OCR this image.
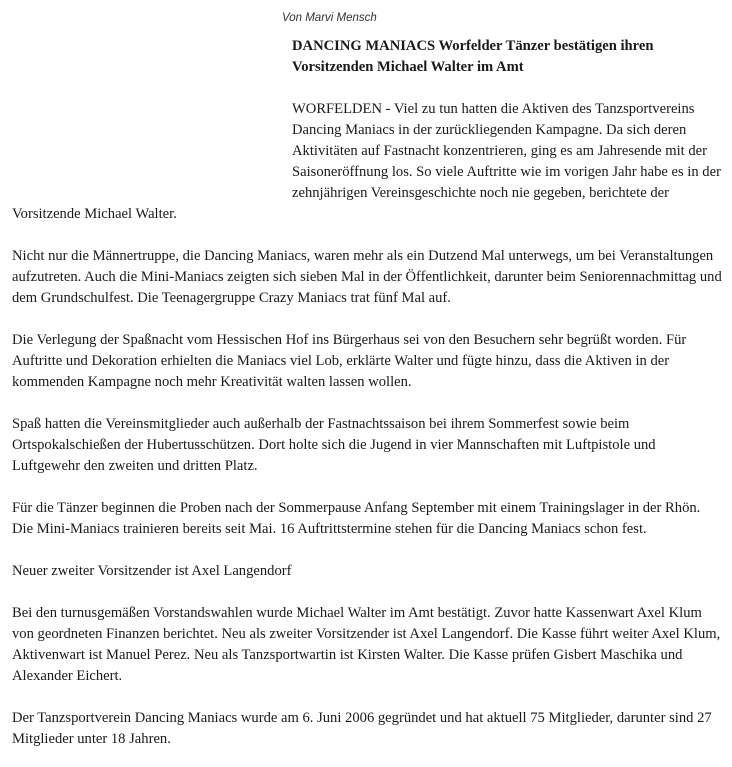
Von Marvi Mensch
DANCING MANIACS Worfelder Tänzer bestätigen ihren Vorsitzenden Michael Walter im Amt

WORFELDEN - Viel zu tun hatten die Aktiven des Tanzsportvereins Dancing Maniacs in der zurückliegenden Kampagne. Da sich deren Aktivitäten auf Fastnacht konzentrieren, ging es am Jahresende mit der Saisoneröffnung los. So viele Auftritte wie im vorigen Jahr habe es in der zehnjährigen Vereinsgeschichte noch nie gegeben, berichtete der Vorsitzende Michael Walter.

Nicht nur die Männertruppe, die Dancing Maniacs, waren mehr als ein Dutzend Mal unterwegs, um bei Veranstaltungen aufzutreten. Auch die Mini-Maniacs zeigten sich sieben Mal in der Öffentlichkeit, darunter beim Seniorennachmittag und dem Grundschulfest. Die Teenagergruppe Crazy Maniacs trat fünf Mal auf.

Die Verlegung der Spaßnacht vom Hessischen Hof ins Bürgerhaus sei von den Besuchern sehr begrüßt worden. Für Auftritte und Dekoration erhielten die Maniacs viel Lob, erklärte Walter und fügte hinzu, dass die Aktiven in der kommenden Kampagne noch mehr Kreativität walten lassen wollen.

Spaß hatten die Vereinsmitglieder auch außerhalb der Fastnachtssaison bei ihrem Sommerfest sowie beim Ortspokalschießen der Hubertusschützen. Dort holte sich die Jugend in vier Mannschaften mit Luftpistole und Luftgewehr den zweiten und dritten Platz.

Für die Tänzer beginnen die Proben nach der Sommerpause Anfang September mit einem Trainingslager in der Rhön. Die Mini-Maniacs trainieren bereits seit Mai. 16 Auftrittstermine stehen für die Dancing Maniacs schon fest.

Neuer zweiter Vorsitzender ist Axel Langendorf

Bei den turnusgemäßen Vorstandswahlen wurde Michael Walter im Amt bestätigt. Zuvor hatte Kassenwart Axel Klum von geordneten Finanzen berichtet. Neu als zweiter Vorsitzender ist Axel Langendorf. Die Kasse führt weiter Axel Klum, Aktivenwart ist Manuel Perez. Neu als Tanzsportwartin ist Kirsten Walter. Die Kasse prüfen Gisbert Maschika und Alexander Eichert.

Der Tanzsportverein Dancing Maniacs wurde am 6. Juni 2006 gegründet und hat aktuell 75 Mitglieder, darunter sind 27 Mitglieder unter 18 Jahren.
